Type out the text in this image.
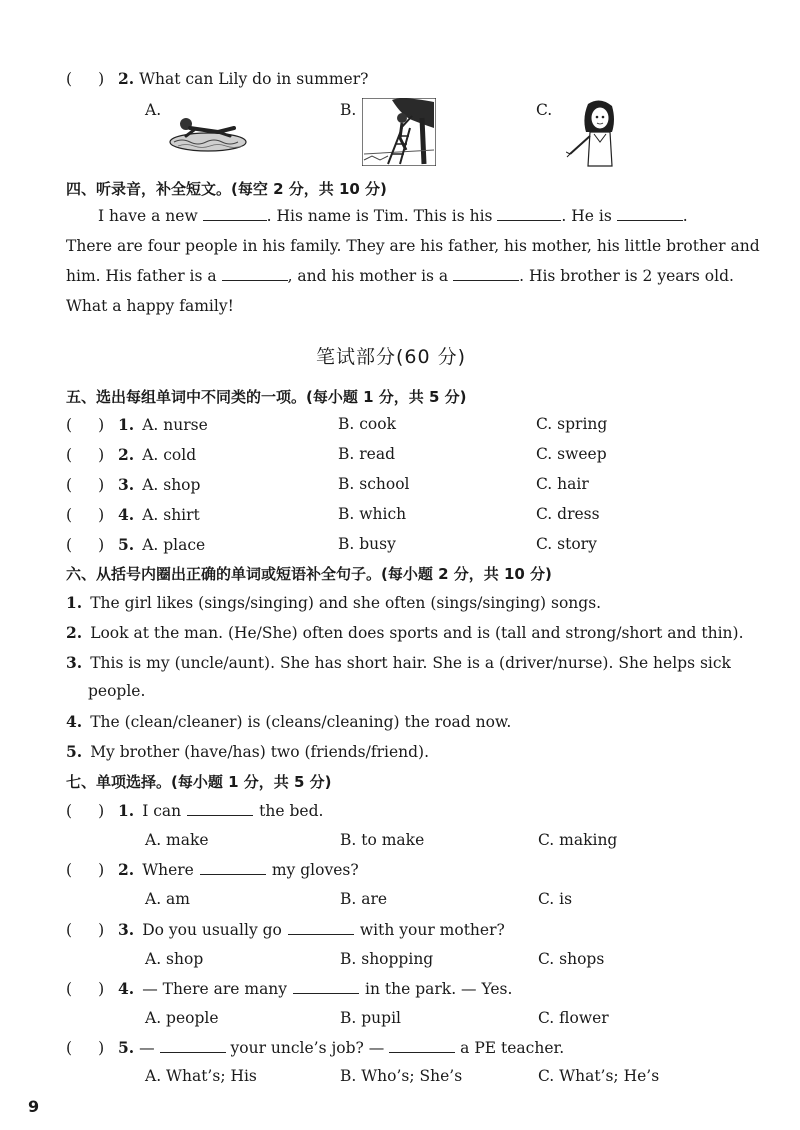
( ) 2. What can Lily do in summer?
A.	B.	C.
四、听录音，补全短文。(每空 2 分，共 10 分)
I have a new	. His name is Tim. This is his	. He is	.
There are four people in his family. They are his father, his mother, his little brother and
him. His father is a	, and his mother is a	. His brother is 2 years old.
What a happy family!
笔试部分(60 分)
五、选出每组单词中不同类的一项。(每小题 1 分，共 5 分)
( ) 1. A. nurse	B. cook	C. spring
( ) 2. A. cold	B. read	C. sweep
( ) 3. A. shop	B. school	C. hair
( ) 4. A. shirt	B. which	C. dress
( ) 5. A. place	B. busy	C. story
六、从括号内圈出正确的单词或短语补全句子。(每小题 2 分，共 10 分)
1. The girl likes (sings/singing) and she often (sings/singing) songs.
2. Look at the man. (He/She) often does sports and is (tall and strong/short and thin).
3. This is my (uncle/aunt). She has short hair. She is a (driver/nurse). She helps sick
people.
4. The (clean/cleaner) is (cleans/cleaning) the road now.
5. My brother (have/has) two (friends/friend).
七、单项选择。(每小题 1 分，共 5 分)
( ) 1. I can	the bed.
A. make	B. to make	C. making
( ) 2. Where	my gloves?
A. am	B. are	C. is
( ) 3. Do you usually go	with your mother?
A. shop	B. shopping	C. shops
( ) 4. — There are many	in the park. — Yes.
A. people	B. pupil	C. flower
( ) 5. —	your uncle’s job? —	a PE teacher.
A. What’s; His	B. Who’s; She’s	C. What’s; He’s
9
